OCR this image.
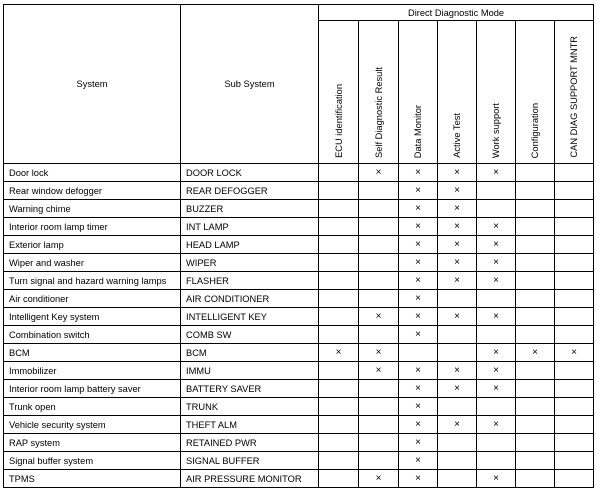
System	Sub System	Direct Diagnostic Mode						
		ECU identification	Self Diagnostic Result	Data Monitor	Active Test	Work support	Configuration	CAN DIAG SUPPORT MNTR
Door lock	DOOR LOCK		×	×	×	×		
Rear window defogger	REAR DEFOGGER			×	×			
Warning chime	BUZZER			×	×			
Interior room lamp timer	INT LAMP			×	×	×		
Exterior lamp	HEAD LAMP			×	×	×		
Wiper and washer	WIPER			×	×	×		
Turn signal and hazard warning lamps	FLASHER			×	×	×		
Air conditioner	AIR CONDITIONER			×				
Intelligent Key system	INTELLIGENT KEY		×	×	×	×		
Combination switch	COMB SW			×				
BCM	BCM	×	×			×	×	×
Immobilizer	IMMU		×	×	×	×		
Interior room lamp battery saver	BATTERY SAVER			×	×	×		
Trunk open	TRUNK			×				
Vehicle security system	THEFT ALM			×	×	×		
RAP system	RETAINED PWR			×				
Signal buffer system	SIGNAL BUFFER			×				
TPMS	AIR PRESSURE MONITOR		×	×		×		
